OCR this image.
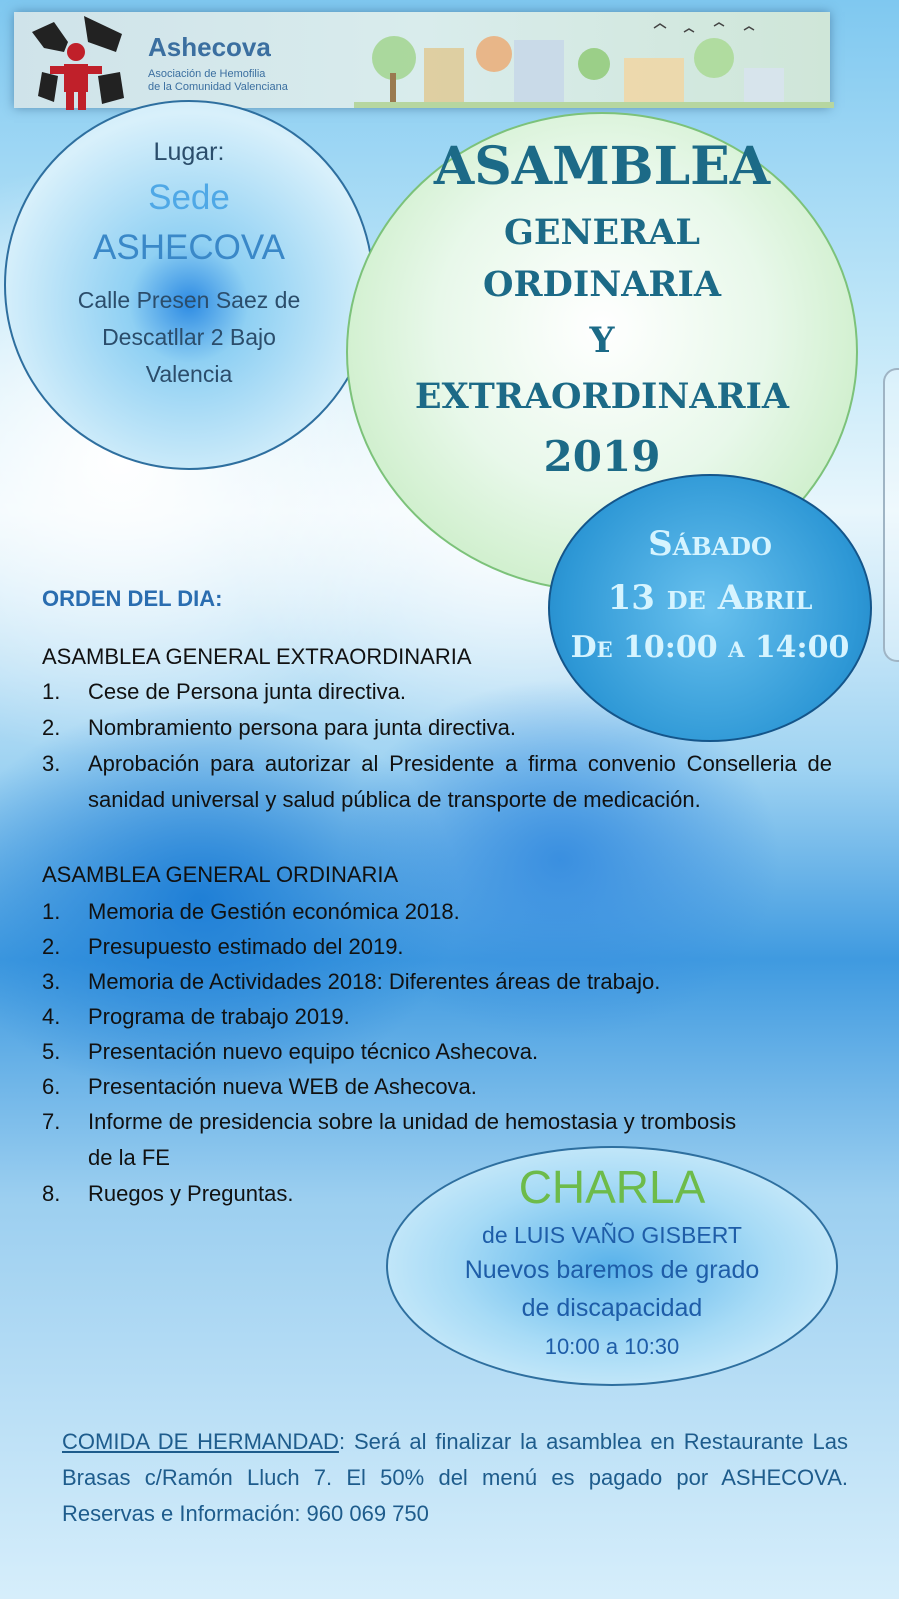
Ashecova
Asociación de Hemofilia
de la Comunidad Valenciana
Lugar:
Sede
ASHECOVA
Calle Presen Saez de
Descatllar 2 Bajo
Valencia
ASAMBLEA
GENERAL
ORDINARIA
Y
EXTRAORDINARIA
2019
Sábado
13 de Abril
De 10:00 a 14:00
ORDEN DEL DIA:
ASAMBLEA GENERAL EXTRAORDINARIA
1. Cese de Persona junta directiva.
2. Nombramiento persona para junta directiva.
3. Aprobación para autorizar al Presidente a firma convenio Conselleria de sanidad universal y salud pública de transporte de medicación.
ASAMBLEA GENERAL ORDINARIA
1. Memoria de Gestión económica 2018.
2. Presupuesto estimado del 2019.
3. Memoria de Actividades 2018: Diferentes áreas de trabajo.
4. Programa de trabajo 2019.
5. Presentación nuevo equipo técnico Ashecova.
6. Presentación nueva WEB de Ashecova.
7. Informe de presidencia sobre la unidad de hemostasia y trombosis de la FE
8. Ruegos y Preguntas.	CHARLA
de LUIS VAÑO GISBERT
Nuevos baremos de grado
de discapacidad
10:00 a 10:30
COMIDA DE HERMANDAD: Será al finalizar la asamblea en Restaurante Las Brasas c/Ramón Lluch 7. El 50% del menú es pagado por ASHECOVA. Reservas e Información: 960 069 750
